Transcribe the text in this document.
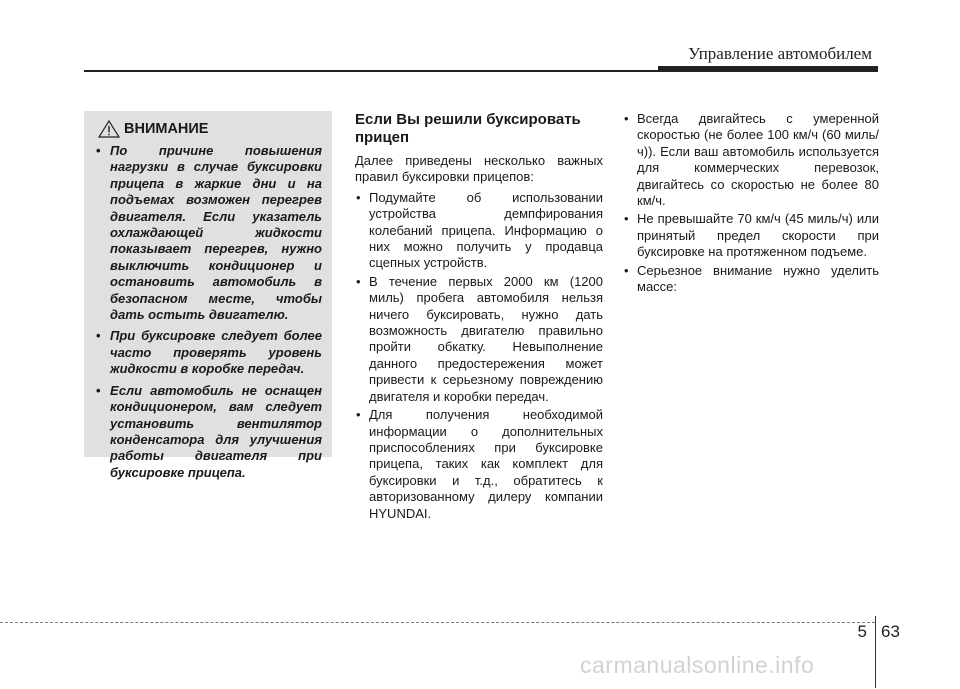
Управление автомобилем
ВНИМАНИЕ
• По причине повышения нагрузки в случае буксировки прицепа в жаркие дни и на подъемах возможен перегрев двигателя. Если указатель охлаждающей жидкости показывает перегрев, нужно выключить кондиционер и остановить автомобиль в безопасном месте, чтобы дать остыть двигателю.
• При буксировке следует более часто проверять уровень жидкости в коробке передач.
• Если автомобиль не оснащен кондиционером, вам следует установить вентилятор конденсатора для улучшения работы двигателя при буксировке прицепа.
Если Вы решили буксировать прицеп

Далее приведены несколько важных правил буксировки прицепов:

• Подумайте об использовании устройства демпфирования колебаний прицепа. Информацию о них можно получить у продавца сцепных устройств.
• В течение первых 2000 км (1200 миль) пробега автомобиля нельзя ничего буксировать, нужно дать возможность двигателю правильно пройти обкатку. Невыполнение данного предостережения может привести к серьезному повреждению двигателя и коробки передач.
• Для получения необходимой информации о дополнительных приспособлениях при буксировке прицепа, таких как комплект для буксировки и т.д., обратитесь к авторизованному дилеру компании HYUNDAI.
• Всегда двигайтесь с умеренной скоростью (не более 100 км/ч (60 миль/ч)). Если ваш автомобиль используется для коммерческих перевозок, двигайтесь со скоростью не более 80 км/ч.
• Не превышайте 70 км/ч (45 миль/ч) или принятый предел скорости при буксировке на протяженном подъеме.
• Серьезное внимание нужно уделить массе:
5 63
carmanualsonline.info
